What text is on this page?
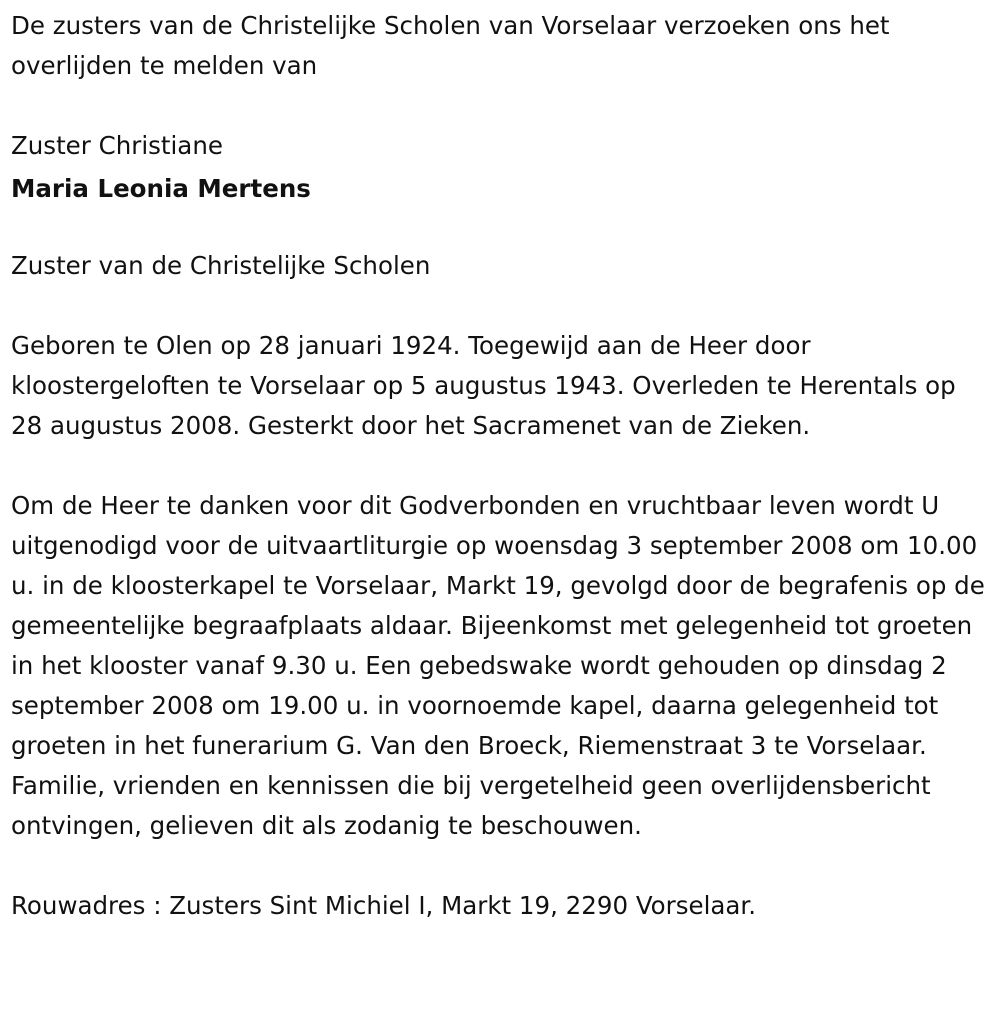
De zusters van de Christelijke Scholen van Vorselaar verzoeken ons het overlijden te melden van

Zuster Christiane

Maria Leonia Mertens

Zuster van de Christelijke Scholen

Geboren te Olen op 28 januari 1924. Toegewijd aan de Heer door kloostergeloften te Vorselaar op 5 augustus 1943. Overleden te Herentals op 28 augustus 2008. Gesterkt door het Sacramenet van de Zieken.

Om de Heer te danken voor dit Godverbonden en vruchtbaar leven wordt U uitgenodigd voor de uitvaartliturgie op woensdag 3 september 2008 om 10.00 u. in de kloosterkapel te Vorselaar, Markt 19, gevolgd door de begrafenis op de gemeentelijke begraafplaats aldaar. Bijeenkomst met gelegenheid tot groeten in het klooster vanaf 9.30 u. Een gebedswake wordt gehouden op dinsdag 2 september 2008 om 19.00 u. in voornoemde kapel, daarna gelegenheid tot groeten in het funerarium G. Van den Broeck, Riemenstraat 3 te Vorselaar. Familie, vrienden en kennissen die bij vergetelheid geen overlijdensbericht ontvingen, gelieven dit als zodanig te beschouwen.

Rouwadres : Zusters Sint Michiel I, Markt 19, 2290 Vorselaar.
